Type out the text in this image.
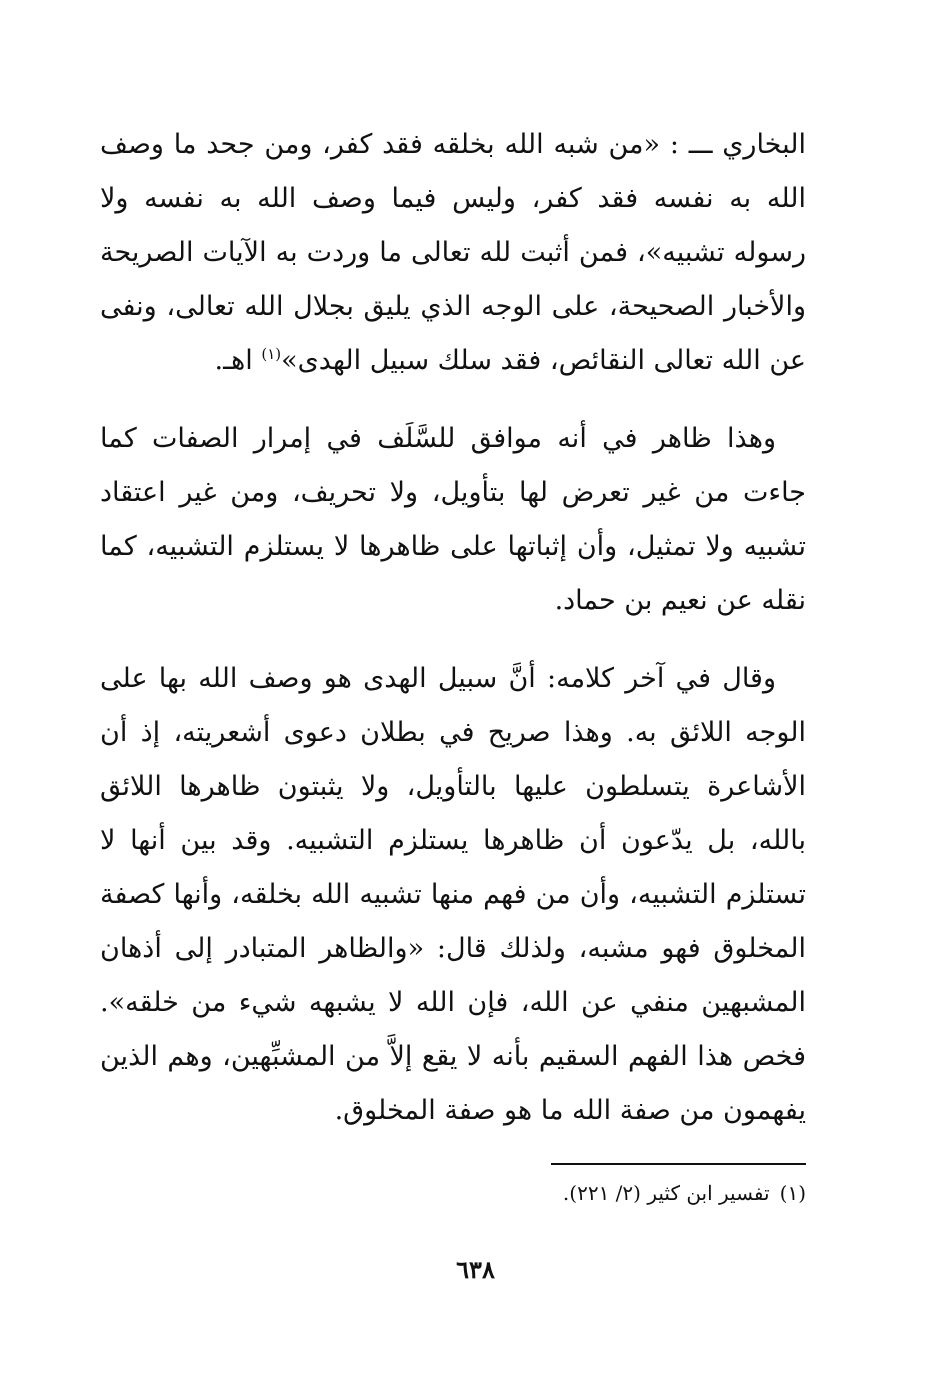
البخاري ـــ : «من شبه الله بخلقه فقد كفر، ومن جحد ما وصف الله به نفسه فقد كفر، وليس فيما وصف الله به نفسه ولا رسوله تشبيه»، فمن أثبت لله تعالى ما وردت به الآيات الصريحة والأخبار الصحيحة، على الوجه الذي يليق بجلال الله تعالى، ونفى عن الله تعالى النقائص، فقد سلك سبيل الهدى»$^{(١)}$ اهـ.

وهذا ظاهر في أنه موافق للسَّلَف في إمرار الصفات كما جاءت من غير تعرض لها بتأويل، ولا تحريف، ومن غير اعتقاد تشبيه ولا تمثيل، وأن إثباتها على ظاهرها لا يستلزم التشبيه، كما نقله عن نعيم بن حماد.

وقال في آخر كلامه: أنَّ سبيل الهدى هو وصف الله بها على الوجه اللائق به. وهذا صريح في بطلان دعوى أشعريته، إذ أن الأشاعرة يتسلطون عليها بالتأويل، ولا يثبتون ظاهرها اللائق بالله، بل يدّعون أن ظاهرها يستلزم التشبيه. وقد بين أنها لا تستلزم التشبيه، وأن من فهم منها تشبيه الله بخلقه، وأنها كصفة المخلوق فهو مشبه، ولذلك قال: «والظاهر المتبادر إلى أذهان المشبهين منفي عن الله، فإن الله لا يشبهه شيء من خلقه». فخص هذا الفهم السقيم بأنه لا يقع إلاَّ من المشبِّهين، وهم الذين يفهمون من صفة الله ما هو صفة المخلوق.

(١)تفسير ابن كثير (٢/ ٢٢١).
٦٣٨
